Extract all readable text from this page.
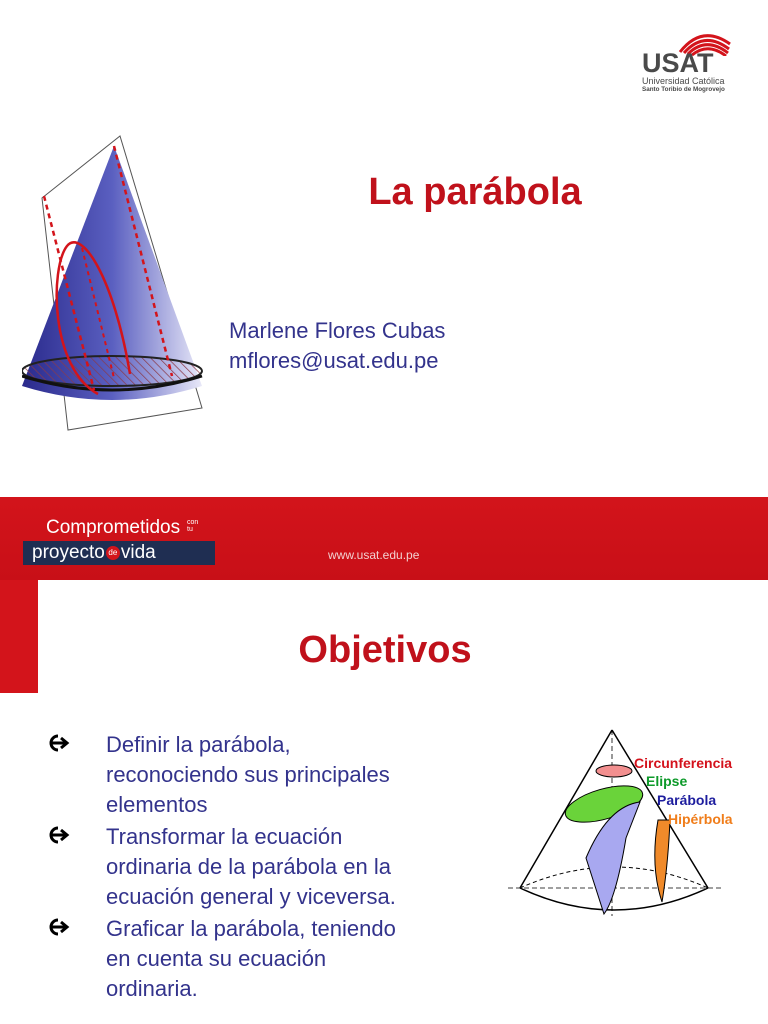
USAT
Universidad Católica
Santo Toribio de Mogrovejo
La parábola
Marlene Flores Cubas
mflores@usat.edu.pe
Comprometidos con
tu
proyecto de vida	www.usat.edu.pe
Objetivos
Definir la parábola,
reconociendo sus principales
elementos
Transformar la ecuación
ordinaria de la parábola en la
ecuación general y viceversa.
Graficar la parábola, teniendo
en cuenta su ecuación
ordinaria.
Circunferencia
Elipse
Parábola
Hipérbola
